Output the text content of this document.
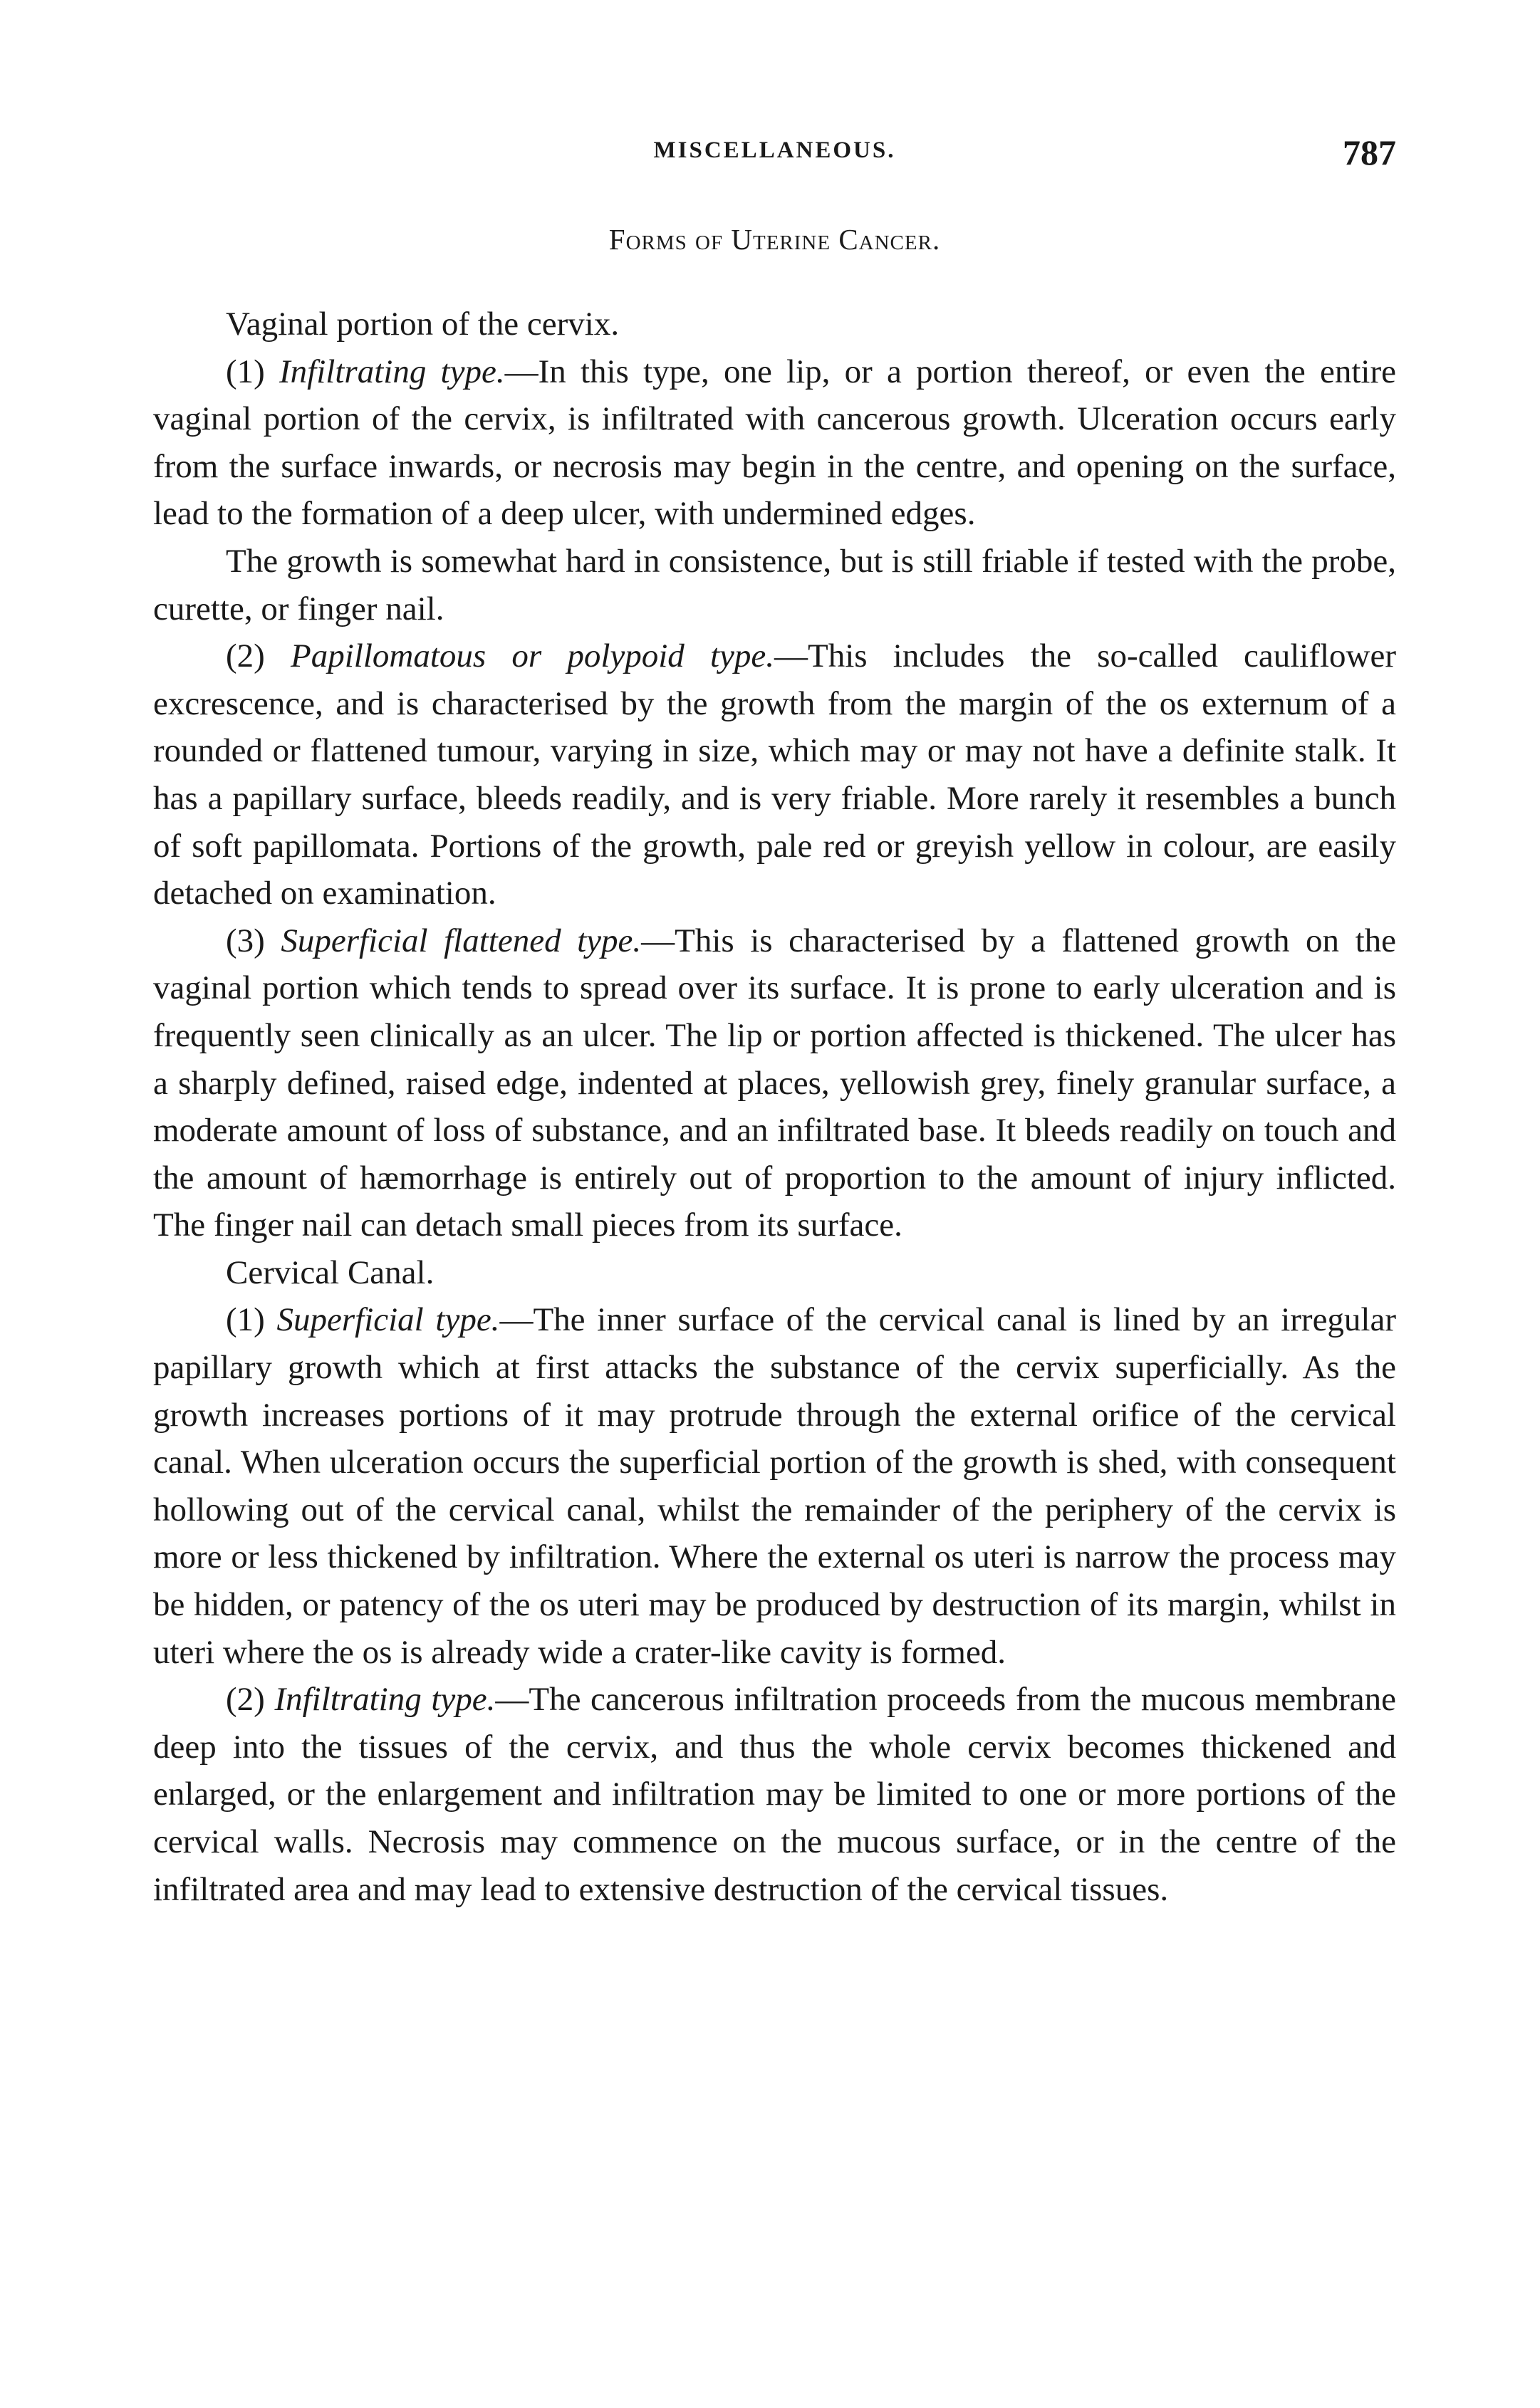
MISCELLANEOUS.	787
Forms of Uterine Cancer.

Vaginal portion of the cervix.

(1) Infiltrating type.—In this type, one lip, or a portion thereof, or even the entire vaginal portion of the cervix, is infiltrated with cancerous growth. Ulceration occurs early from the surface inwards, or necrosis may begin in the centre, and opening on the surface, lead to the formation of a deep ulcer, with undermined edges.

The growth is somewhat hard in consistence, but is still friable if tested with the probe, curette, or finger nail.

(2) Papillomatous or polypoid type.—This includes the so-called cauliflower excrescence, and is characterised by the growth from the margin of the os externum of a rounded or flattened tumour, varying in size, which may or may not have a definite stalk. It has a papillary surface, bleeds readily, and is very friable. More rarely it resembles a bunch of soft papillomata. Portions of the growth, pale red or greyish yellow in colour, are easily detached on examination.

(3) Superficial flattened type.—This is characterised by a flattened growth on the vaginal portion which tends to spread over its surface. It is prone to early ulceration and is frequently seen clinically as an ulcer. The lip or portion affected is thickened. The ulcer has a sharply defined, raised edge, indented at places, yellowish grey, finely granular surface, a moderate amount of loss of substance, and an infiltrated base. It bleeds readily on touch and the amount of hæmorrhage is entirely out of proportion to the amount of injury inflicted. The finger nail can detach small pieces from its surface.

Cervical Canal.

(1) Superficial type.—The inner surface of the cervical canal is lined by an irregular papillary growth which at first attacks the substance of the cervix superficially. As the growth increases portions of it may protrude through the external orifice of the cervical canal. When ulceration occurs the superficial portion of the growth is shed, with consequent hollowing out of the cervical canal, whilst the remainder of the periphery of the cervix is more or less thickened by infiltration. Where the external os uteri is narrow the process may be hidden, or patency of the os uteri may be produced by destruction of its margin, whilst in uteri where the os is already wide a crater-like cavity is formed.

(2) Infiltrating type.—The cancerous infiltration proceeds from the mucous membrane deep into the tissues of the cervix, and thus the whole cervix becomes thickened and enlarged, or the enlargement and infiltration may be limited to one or more portions of the cervical walls. Necrosis may commence on the mucous surface, or in the centre of the infiltrated area and may lead to extensive destruction of the cervical tissues.
